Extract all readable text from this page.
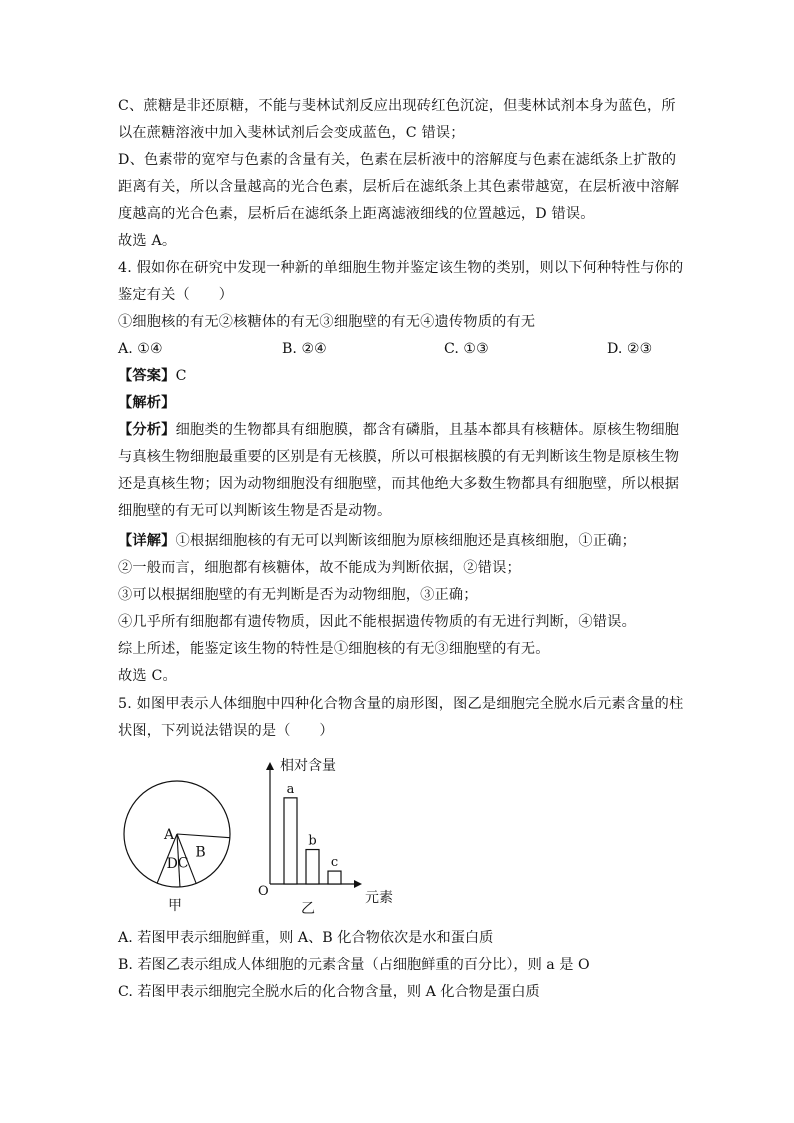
C、蔗糖是非还原糖，不能与斐林试剂反应出现砖红色沉淀，但斐林试剂本身为蓝色，所
以在蔗糖溶液中加入斐林试剂后会变成蓝色，C 错误；
D、色素带的宽窄与色素的含量有关，色素在层析液中的溶解度与色素在滤纸条上扩散的
距离有关，所以含量越高的光合色素，层析后在滤纸条上其色素带越宽，在层析液中溶解
度越高的光合色素，层析后在滤纸条上距离滤液细线的位置越远，D 错误。
故选 A。
4. 假如你在研究中发现一种新的单细胞生物并鉴定该生物的类别，则以下何种特性与你的
鉴定有关（　　）
①细胞核的有无②核糖体的有无③细胞壁的有无④遗传物质的有无
A. ①④	B. ②④	C. ①③	D. ②③
【答案】C
【解析】
【分析】细胞类的生物都具有细胞膜，都含有磷脂，且基本都具有核糖体。原核生物细胞
与真核生物细胞最重要的区别是有无核膜，所以可根据核膜的有无判断该生物是原核生物
还是真核生物；因为动物细胞没有细胞壁，而其他绝大多数生物都具有细胞壁，所以根据
细胞壁的有无可以判断该生物是否是动物。
【详解】①根据细胞核的有无可以判断该细胞为原核细胞还是真核细胞，①正确；
②一般而言，细胞都有核糖体，故不能成为判断依据，②错误；
③可以根据细胞壁的有无判断是否为动物细胞，③正确；
④几乎所有细胞都有遗传物质，因此不能根据遗传物质的有无进行判断，④错误。
综上所述，能鉴定该生物的特性是①细胞核的有无③细胞壁的有无。
故选 C。
5. 如图甲表示人体细胞中四种化合物含量的扇形图，图乙是细胞完全脱水后元素含量的柱
状图，下列说法错误的是（　　）
A
B
C
D
甲
相对含量
元素
O
乙
a
b
c
A. 若图甲表示细胞鲜重，则 A、B 化合物依次是水和蛋白质
B. 若图乙表示组成人体细胞的元素含量（占细胞鲜重的百分比），则 a 是 O
C. 若图甲表示细胞完全脱水后的化合物含量，则 A 化合物是蛋白质
